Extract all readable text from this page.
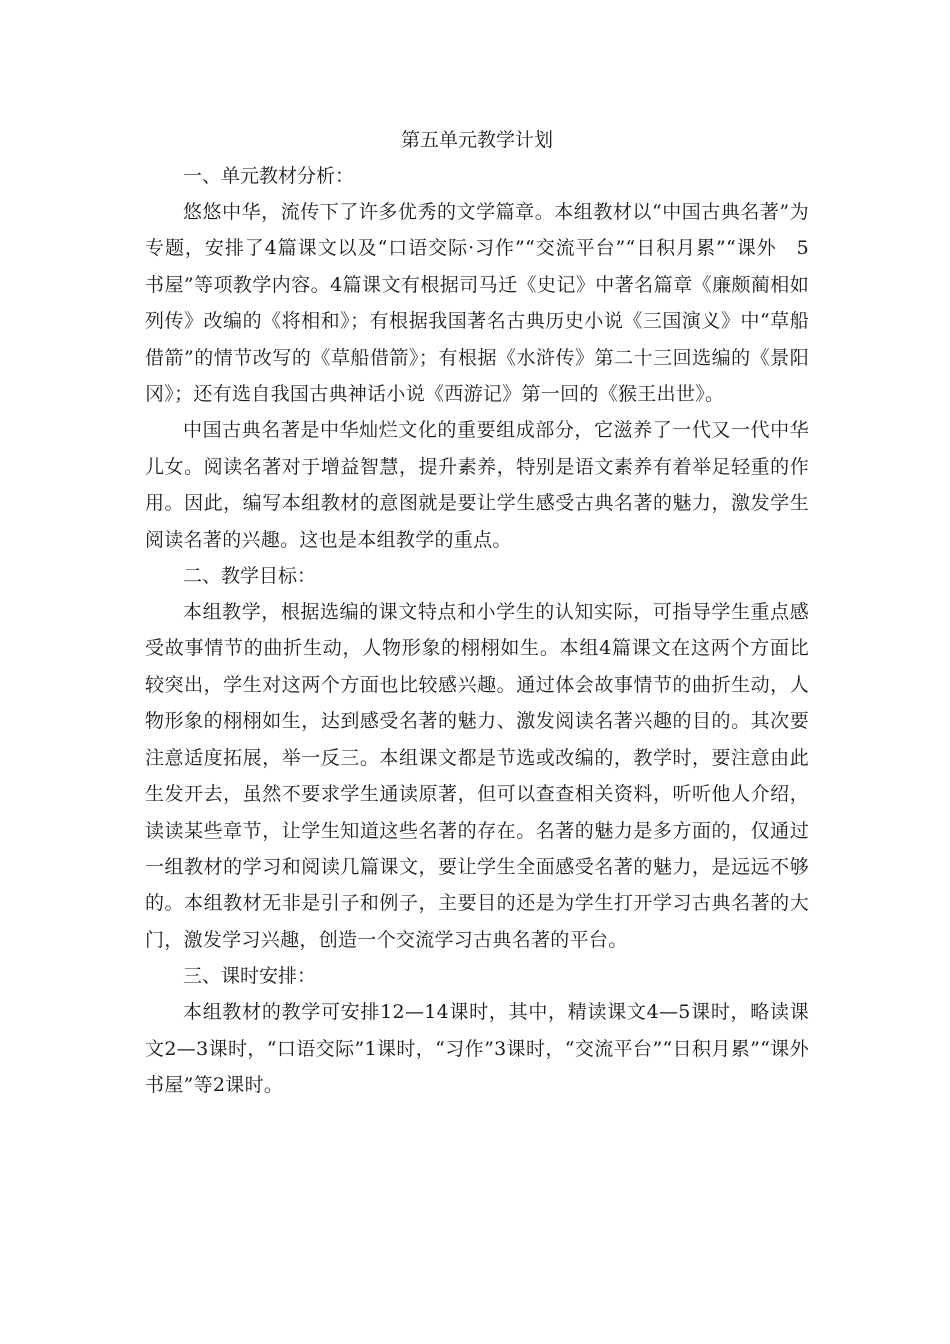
第五单元教学计划

一、单元教材分析：

悠悠中华，流传下了许多优秀的文学篇章。本组教材以“中国古典名著”为专题，安排了4篇课文以及“口语交际·习作”“交流平台”“日积月累”“课外　5　书屋”等项教学内容。4篇课文有根据司马迁《史记》中著名篇章《廉颇蔺相如列传》改编的《将相和》；有根据我国著名古典历史小说《三国演义》中“草船借箭”的情节改写的《草船借箭》；有根据《水浒传》第二十三回选编的《景阳冈》；还有选自我国古典神话小说《西游记》第一回的《猴王出世》。

中国古典名著是中华灿烂文化的重要组成部分，它滋养了一代又一代中华儿女。阅读名著对于增益智慧，提升素养，特别是语文素养有着举足轻重的作用。因此，编写本组教材的意图就是要让学生感受古典名著的魅力，激发学生阅读名著的兴趣。这也是本组教学的重点。

二、教学目标：

本组教学，根据选编的课文特点和小学生的认知实际，可指导学生重点感受故事情节的曲折生动，人物形象的栩栩如生。本组4篇课文在这两个方面比较突出，学生对这两个方面也比较感兴趣。通过体会故事情节的曲折生动，人物形象的栩栩如生，达到感受名著的魅力、激发阅读名著兴趣的目的。其次要注意适度拓展，举一反三。本组课文都是节选或改编的，教学时，要注意由此生发开去，虽然不要求学生通读原著，但可以查查相关资料，听听他人介绍，读读某些章节，让学生知道这些名著的存在。名著的魅力是多方面的，仅通过一组教材的学习和阅读几篇课文，要让学生全面感受名著的魅力，是远远不够的。本组教材无非是引子和例子，主要目的还是为学生打开学习古典名著的大门，激发学习兴趣，创造一个交流学习古典名著的平台。

三、课时安排：

本组教材的教学可安排12—14课时，其中，精读课文4—5课时，略读课文2—3课时，“口语交际”1课时，“习作”3课时，“交流平台”“日积月累”“课外书屋”等2课时。
